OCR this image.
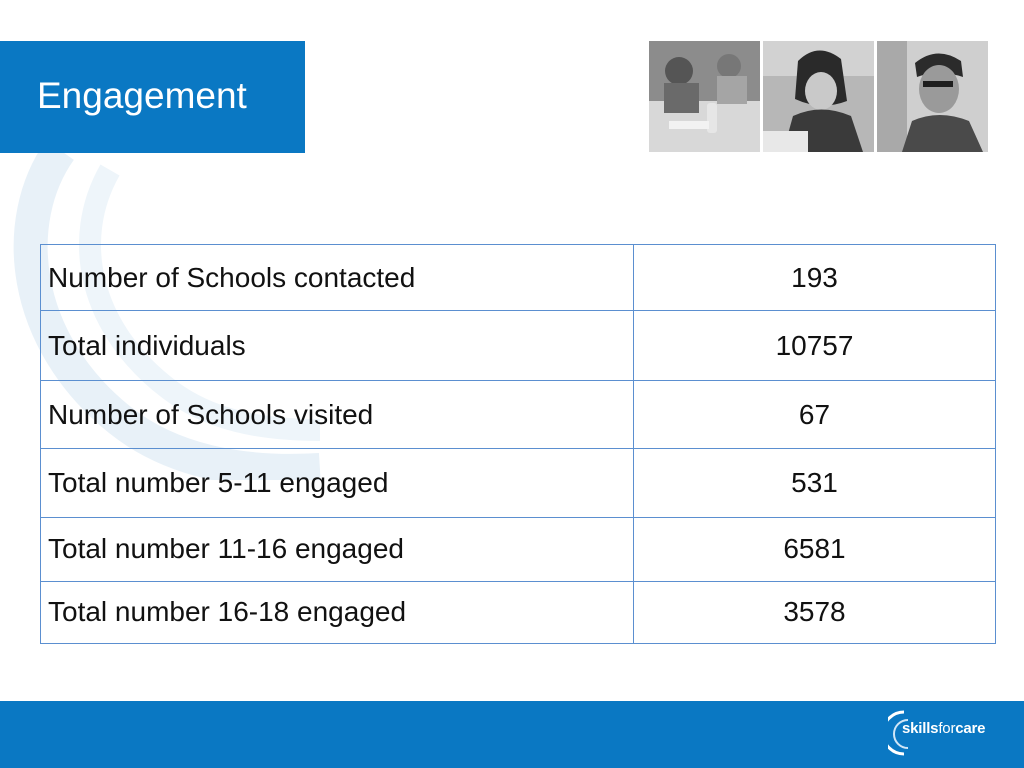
Engagement
Number of Schools contacted	193
Total individuals	10757
Number of Schools visited	67
Total number 5-11 engaged	531
Total number 11-16 engaged	6581
Total number 16-18 engaged	3578
skillsforcare
